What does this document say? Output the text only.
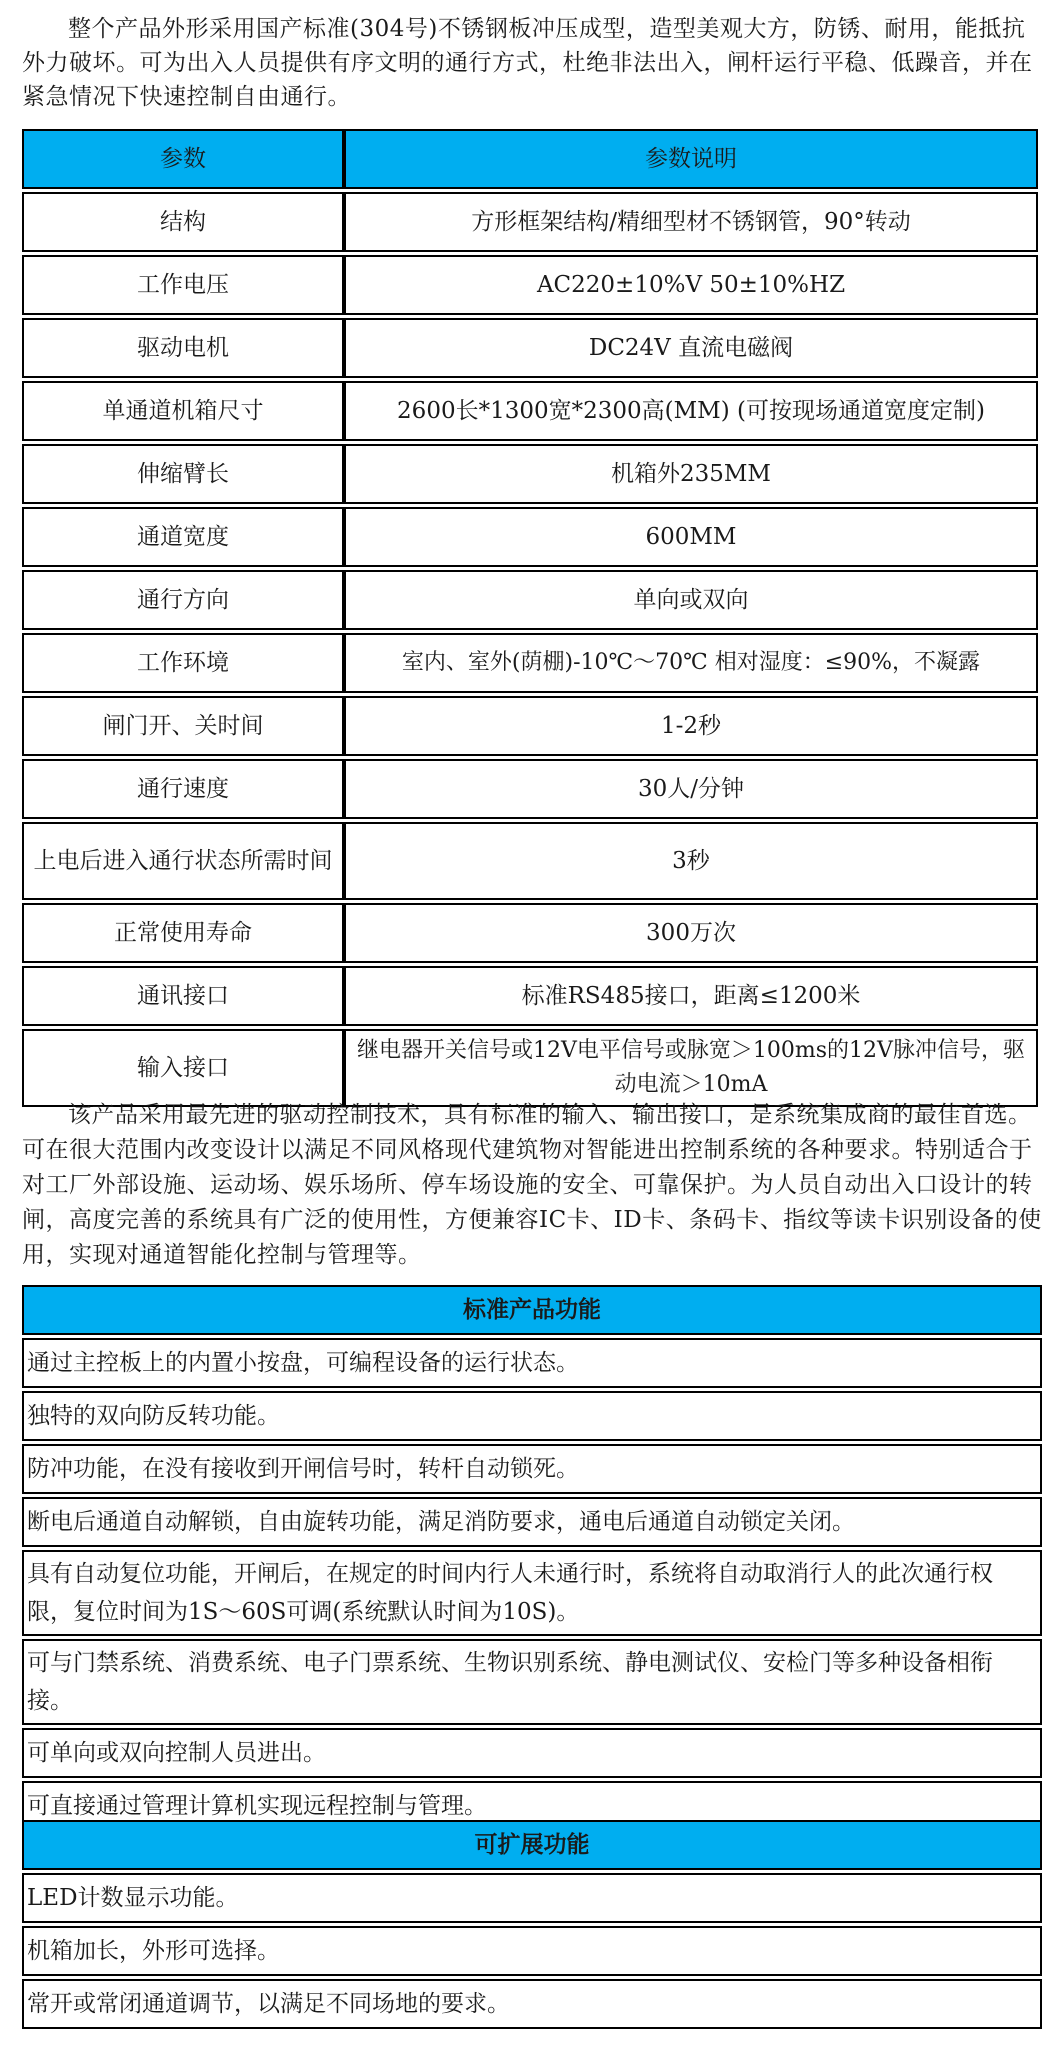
整个产品外形采用国产标准(304号)不锈钢板冲压成型，造型美观大方，防锈、耐用，能抵抗外力破坏。可为出入人员提供有序文明的通行方式，杜绝非法出入，闸杆运行平稳、低躁音，并在紧急情况下快速控制自由通行。

参数	参数说明
结构	方形框架结构/精细型材不锈钢管，90°转动
工作电压	AC220±10%V 50±10%HZ
驱动电机	DC24V 直流电磁阀
单通道机箱尺寸	2600长*1300宽*2300高(MM) (可按现场通道宽度定制)
伸缩臂长	机箱外235MM
通道宽度	600MM
通行方向	单向或双向
工作环境	室内、室外(荫棚)-10℃～70℃ 相对湿度：≤90%，不凝露
闸门开、关时间	1-2秒
通行速度	30人/分钟
上电后进入通行状态所需时间	3秒
正常使用寿命	300万次
通讯接口	标准RS485接口，距离≤1200米
输入接口	继电器开关信号或12V电平信号或脉宽＞100ms的12V脉冲信号，驱动电流＞10mA

该产品采用最先进的驱动控制技术，具有标准的输入、输出接口，是系统集成商的最佳首选。可在很大范围内改变设计以满足不同风格现代建筑物对智能进出控制系统的各种要求。特别适合于对工厂外部设施、运动场、娱乐场所、停车场设施的安全、可靠保护。为人员自动出入口设计的转闸，高度完善的系统具有广泛的使用性，方便兼容IC卡、ID卡、条码卡、指纹等读卡识别设备的使用，实现对通道智能化控制与管理等。

标准产品功能
通过主控板上的内置小按盘，可编程设备的运行状态。
独特的双向防反转功能。
防冲功能，在没有接收到开闸信号时，转杆自动锁死。
断电后通道自动解锁，自由旋转功能，满足消防要求，通电后通道自动锁定关闭。
具有自动复位功能，开闸后，在规定的时间内行人未通行时，系统将自动取消行人的此次通行权限，复位时间为1S～60S可调(系统默认时间为10S)。
可与门禁系统、消费系统、电子门票系统、生物识别系统、静电测试仪、安检门等多种设备相衔接。
可单向或双向控制人员进出。
可直接通过管理计算机实现远程控制与管理。
可扩展功能
LED计数显示功能。
机箱加长，外形可选择。
常开或常闭通道调节，以满足不同场地的要求。
